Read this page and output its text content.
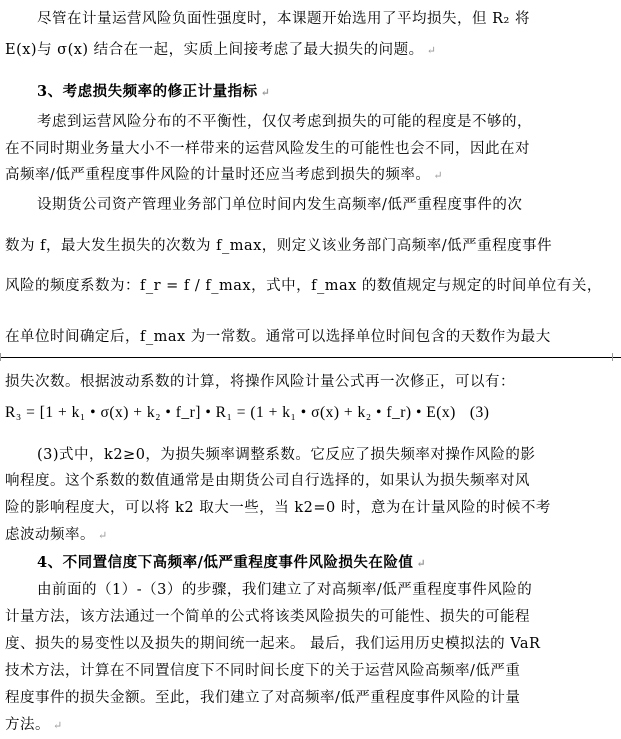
尽管在计量运营风险负面性强度时，本课题开始选用了平均损失，但 R₂ 将
E(x)与 σ(x) 结合在一起，实质上间接考虑了最大损失的问题。 ↵
3、考虑损失频率的修正计量指标 ↵
考虑到运营风险分布的不平衡性，仅仅考虑到损失的可能的程度是不够的，
在不同时期业务量大小不一样带来的运营风险发生的可能性也会不同，因此在对
高频率/低严重程度事件风险的计量时还应当考虑到损失的频率。 ↵
设期货公司资产管理业务部门单位时间内发生高频率/低严重程度事件的次
数为 f，最大发生损失的次数为 f_max，则定义该业务部门高频率/低严重程度事件
风险的频度系数为：f_r = f / f_max，式中，f_max 的数值规定与规定的时间单位有关，
在单位时间确定后，f_max 为一常数。通常可以选择单位时间包含的天数作为最大
损失次数。根据波动系数的计算，将操作风险计量公式再一次修正，可以有：
R₃ = [1 + k₁ • σ(x) + k₂ • f_r] • R₁ = (1 + k₁ • σ(x) + k₂ • f_r) • E(x) (3)
(3)式中，k2≥0，为损失频率调整系数。它反应了损失频率对操作风险的影
响程度。这个系数的数值通常是由期货公司自行选择的，如果认为损失频率对风
险的影响程度大，可以将 k2 取大一些，当 k2=0 时，意为在计量风险的时候不考
虑波动频率。 ↵
4、不同置信度下高频率/低严重程度事件风险损失在险值 ↵
由前面的（1）-（3）的步骤，我们建立了对高频率/低严重程度事件风险的
计量方法，该方法通过一个简单的公式将该类风险损失的可能性、损失的可能程
度、损失的易变性以及损失的期间统一起来。 最后，我们运用历史模拟法的 VaR
技术方法，计算在不同置信度下不同时间长度下的关于运营风险高频率/低严重
程度事件的损失金额。至此，我们建立了对高频率/低严重程度事件风险的计量
方法。 ↵
